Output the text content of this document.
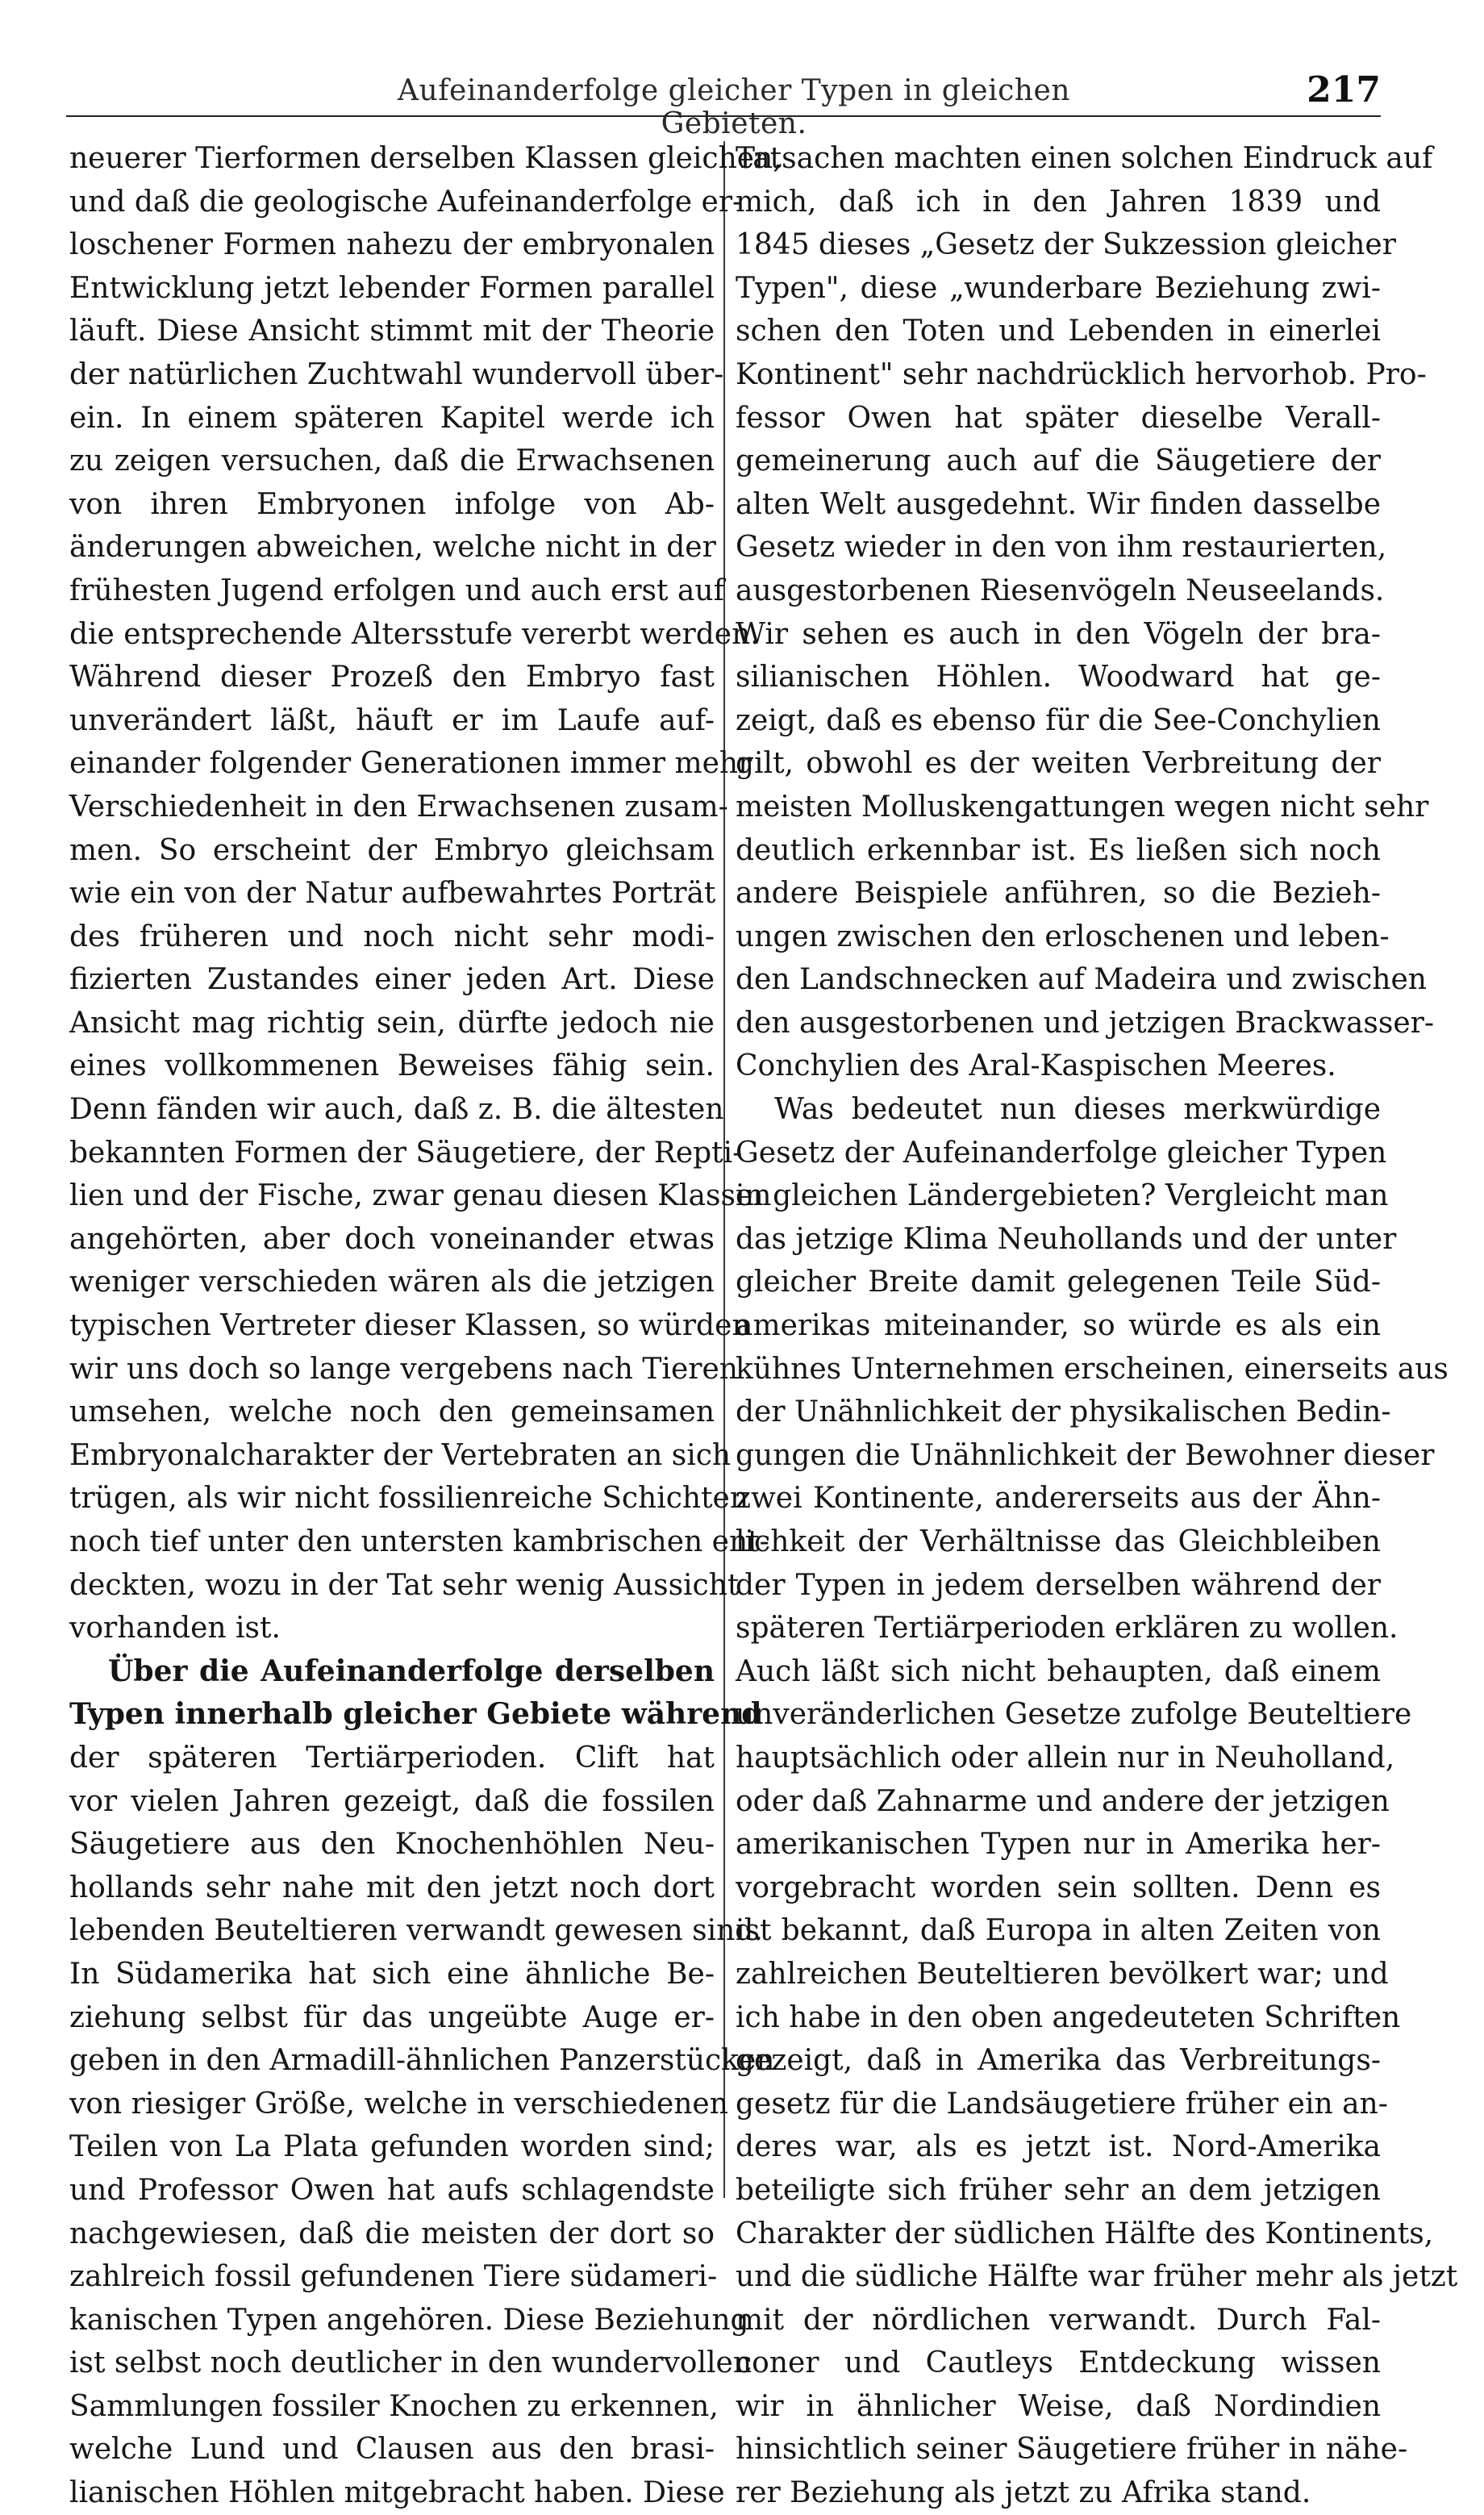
Aufeinanderfolge gleicher Typen in gleichen Gebieten.
217
neuerer Tierformen derselben Klassen gleichen,
und daß die geologische Aufeinanderfolge er-
loschener Formen nahezu der embryonalen
Entwicklung jetzt lebender Formen parallel
läuft. Diese Ansicht stimmt mit der Theorie
der natürlichen Zuchtwahl wundervoll über-
ein. In einem späteren Kapitel werde ich
zu zeigen versuchen, daß die Erwachsenen
von ihren Embryonen infolge von Ab-
änderungen abweichen, welche nicht in der
frühesten Jugend erfolgen und auch erst auf
die entsprechende Altersstufe vererbt werden.
Während dieser Prozeß den Embryo fast
unverändert läßt, häuft er im Laufe auf-
einander folgender Generationen immer mehr
Verschiedenheit in den Erwachsenen zusam-
men. So erscheint der Embryo gleichsam
wie ein von der Natur aufbewahrtes Porträt
des früheren und noch nicht sehr modi-
fizierten Zustandes einer jeden Art. Diese
Ansicht mag richtig sein, dürfte jedoch nie
eines vollkommenen Beweises fähig sein.
Denn fänden wir auch, daß z. B. die ältesten
bekannten Formen der Säugetiere, der Repti-
lien und der Fische, zwar genau diesen Klassen
angehörten, aber doch voneinander etwas
weniger verschieden wären als die jetzigen
typischen Vertreter dieser Klassen, so würden
wir uns doch so lange vergebens nach Tieren
umsehen, welche noch den gemeinsamen
Embryonalcharakter der Vertebraten an sich
trügen, als wir nicht fossilienreiche Schichten
noch tief unter den untersten kambrischen ent-
deckten, wozu in der Tat sehr wenig Aussicht
vorhanden ist.
Über die Aufeinanderfolge derselben
Typen innerhalb gleicher Gebiete während
der späteren Tertiärperioden. Clift hat
vor vielen Jahren gezeigt, daß die fossilen
Säugetiere aus den Knochenhöhlen Neu-
hollands sehr nahe mit den jetzt noch dort
lebenden Beuteltieren verwandt gewesen sind.
In Südamerika hat sich eine ähnliche Be-
ziehung selbst für das ungeübte Auge er-
geben in den Armadill-ähnlichen Panzerstücken
von riesiger Größe, welche in verschiedenen
Teilen von La Plata gefunden worden sind;
und Professor Owen hat aufs schlagendste
nachgewiesen, daß die meisten der dort so
zahlreich fossil gefundenen Tiere südameri-
kanischen Typen angehören. Diese Beziehung
ist selbst noch deutlicher in den wundervollen
Sammlungen fossiler Knochen zu erkennen,
welche Lund und Clausen aus den brasi-
lianischen Höhlen mitgebracht haben. Diese
Tatsachen machten einen solchen Eindruck auf
mich, daß ich in den Jahren 1839 und
1845 dieses „Gesetz der Sukzession gleicher
Typen", diese „wunderbare Beziehung zwi-
schen den Toten und Lebenden in einerlei
Kontinent" sehr nachdrücklich hervorhob. Pro-
fessor Owen hat später dieselbe Verall-
gemeinerung auch auf die Säugetiere der
alten Welt ausgedehnt. Wir finden dasselbe
Gesetz wieder in den von ihm restaurierten,
ausgestorbenen Riesenvögeln Neuseelands.
Wir sehen es auch in den Vögeln der bra-
silianischen Höhlen. Woodward hat ge-
zeigt, daß es ebenso für die See-Conchylien
gilt, obwohl es der weiten Verbreitung der
meisten Molluskengattungen wegen nicht sehr
deutlich erkennbar ist. Es ließen sich noch
andere Beispiele anführen, so die Bezieh-
ungen zwischen den erloschenen und leben-
den Landschnecken auf Madeira und zwischen
den ausgestorbenen und jetzigen Brackwasser-
Conchylien des Aral-Kaspischen Meeres.
Was bedeutet nun dieses merkwürdige
Gesetz der Aufeinanderfolge gleicher Typen
in gleichen Ländergebieten? Vergleicht man
das jetzige Klima Neuhollands und der unter
gleicher Breite damit gelegenen Teile Süd-
amerikas miteinander, so würde es als ein
kühnes Unternehmen erscheinen, einerseits aus
der Unähnlichkeit der physikalischen Bedin-
gungen die Unähnlichkeit der Bewohner dieser
zwei Kontinente, andererseits aus der Ähn-
lichkeit der Verhältnisse das Gleichbleiben
der Typen in jedem derselben während der
späteren Tertiärperioden erklären zu wollen.
Auch läßt sich nicht behaupten, daß einem
unveränderlichen Gesetze zufolge Beuteltiere
hauptsächlich oder allein nur in Neuholland,
oder daß Zahnarme und andere der jetzigen
amerikanischen Typen nur in Amerika her-
vorgebracht worden sein sollten. Denn es
ist bekannt, daß Europa in alten Zeiten von
zahlreichen Beuteltieren bevölkert war; und
ich habe in den oben angedeuteten Schriften
gezeigt, daß in Amerika das Verbreitungs-
gesetz für die Landsäugetiere früher ein an-
deres war, als es jetzt ist. Nord-Amerika
beteiligte sich früher sehr an dem jetzigen
Charakter der südlichen Hälfte des Kontinents,
und die südliche Hälfte war früher mehr als jetzt
mit der nördlichen verwandt. Durch Fal-
coner und Cautleys Entdeckung wissen
wir in ähnlicher Weise, daß Nordindien
hinsichtlich seiner Säugetiere früher in nähe-
rer Beziehung als jetzt zu Afrika stand.
